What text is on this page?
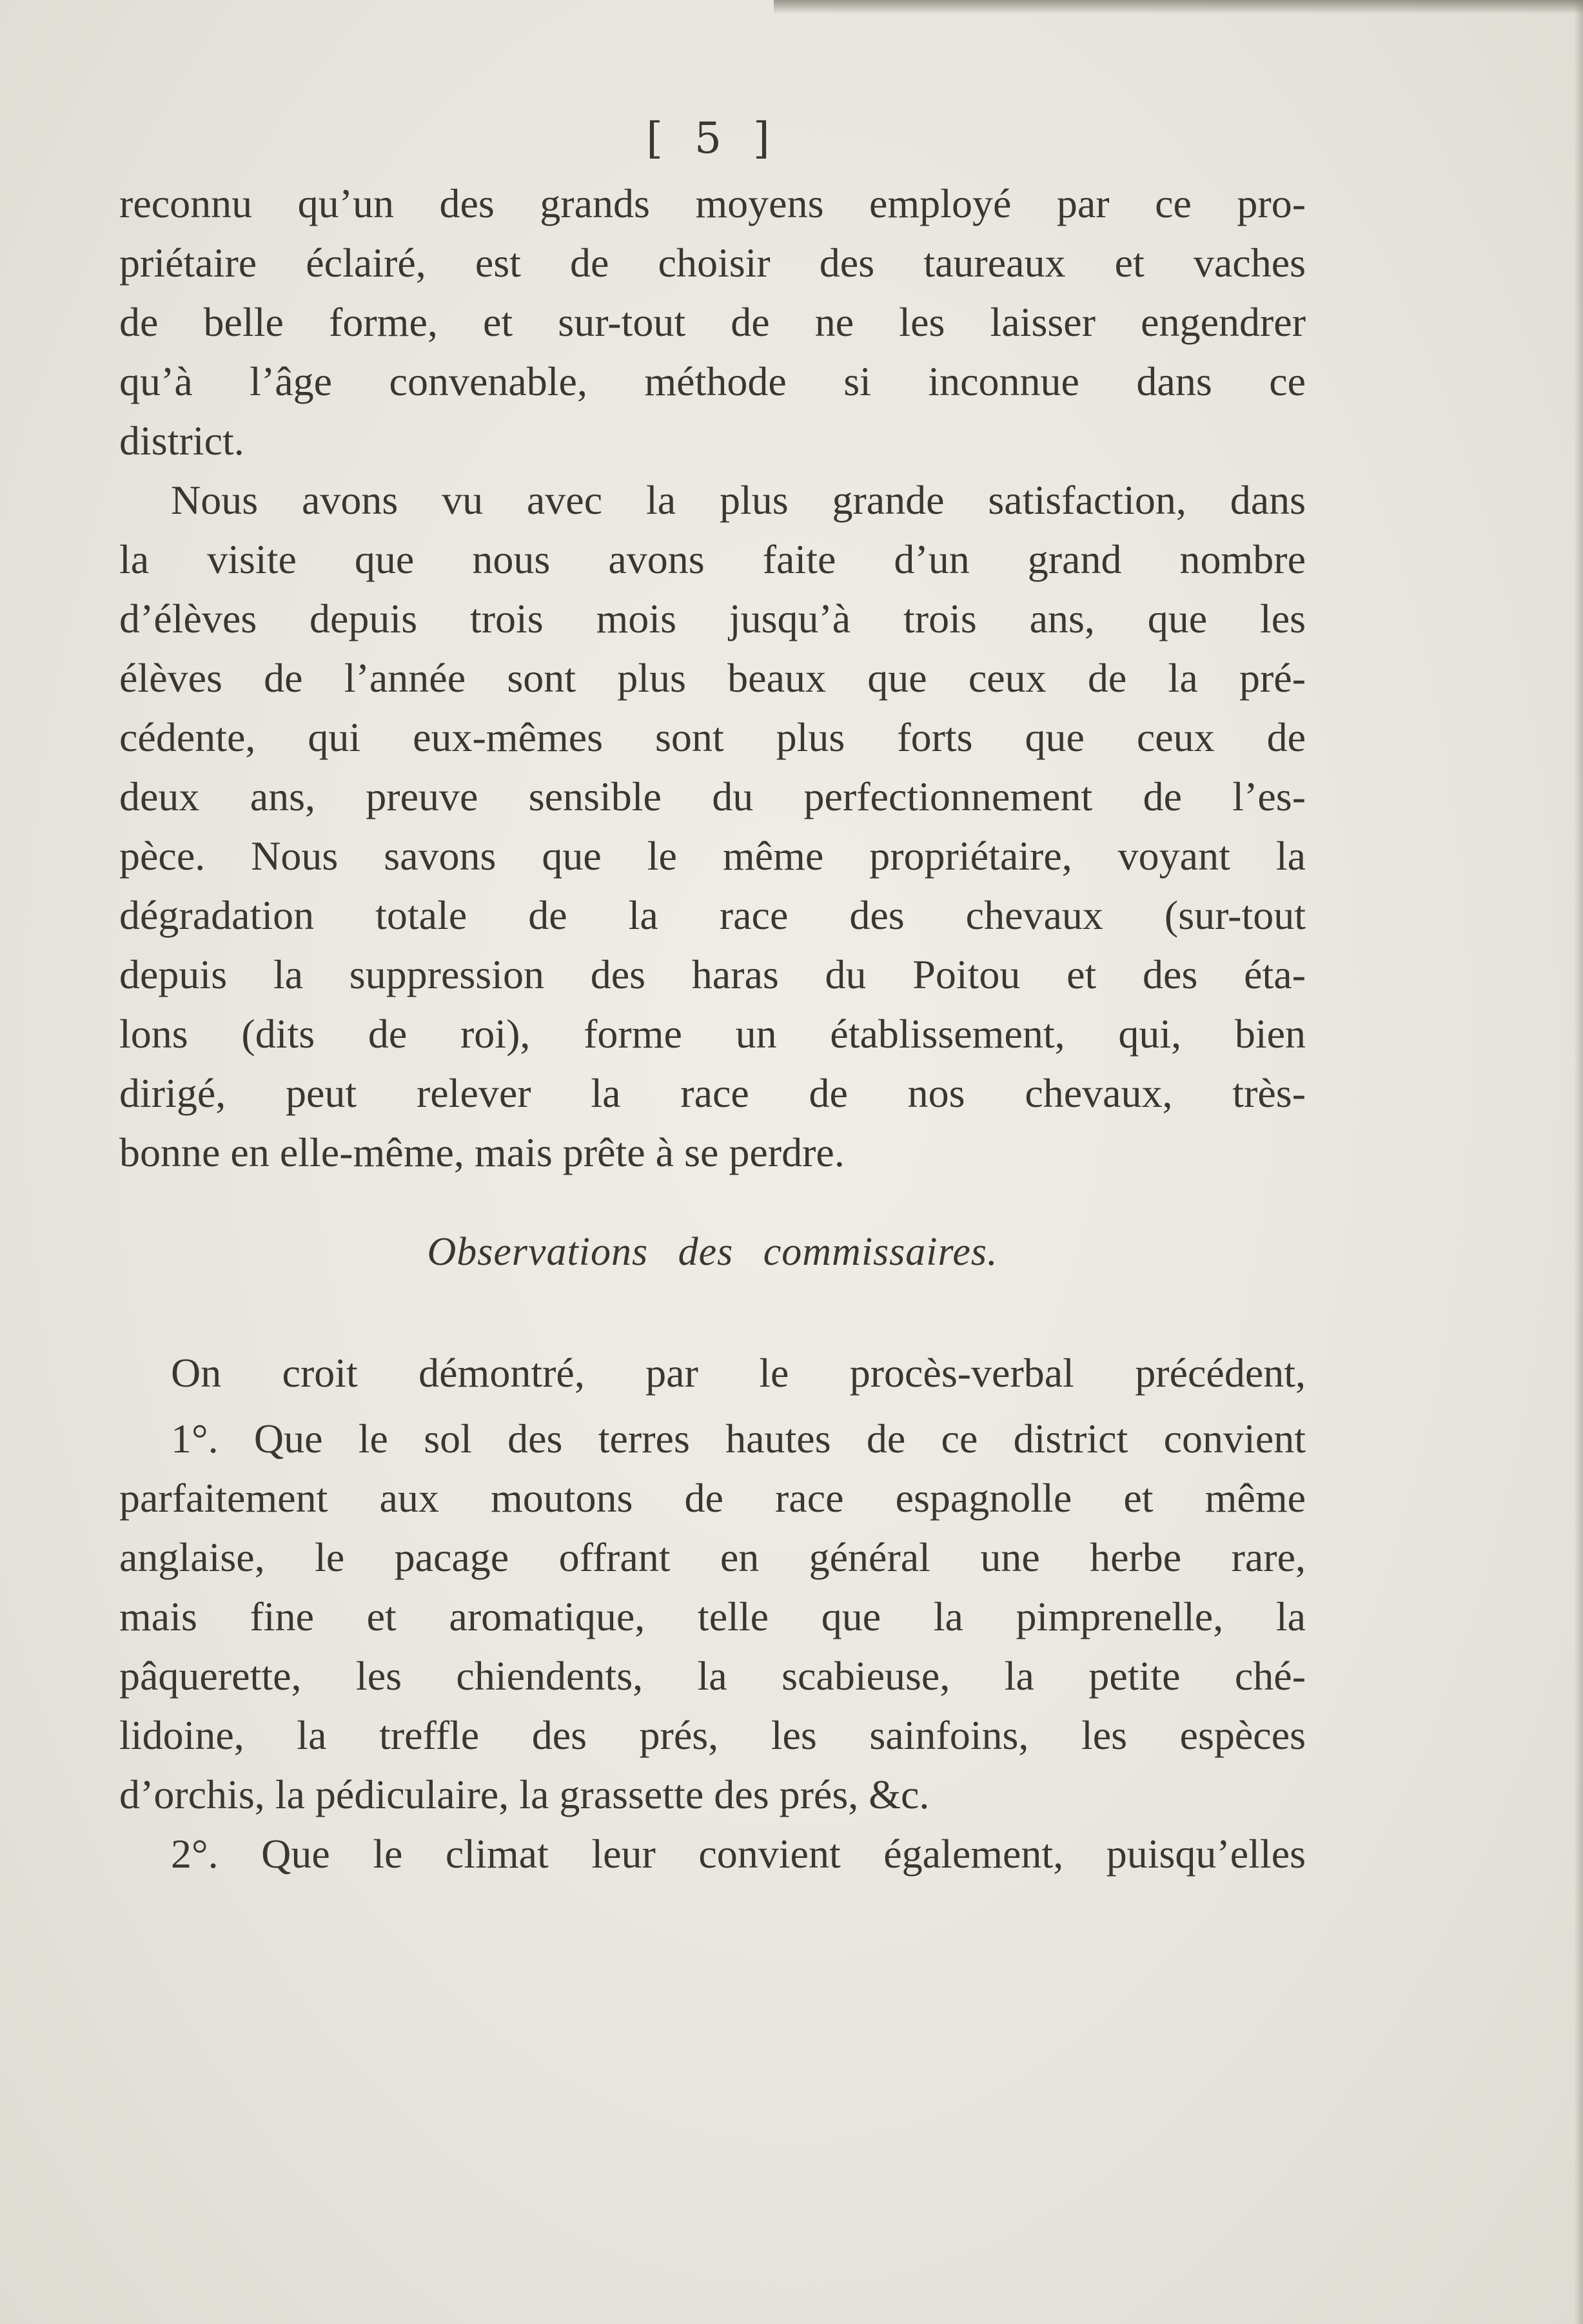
[ 5 ]
reconnu qu’un des grands moyens employé par ce pro-
priétaire éclairé, est de choisir des taureaux et vaches
de belle forme, et sur-tout de ne les laisser engendrer
qu’à l’âge convenable, méthode si inconnue dans ce
district.
Nous avons vu avec la plus grande satisfaction, dans
la visite que nous avons faite d’un grand nombre
d’élèves depuis trois mois jusqu’à trois ans, que les
élèves de l’année sont plus beaux que ceux de la pré-
cédente, qui eux-mêmes sont plus forts que ceux de
deux ans, preuve sensible du perfectionnement de l’es-
pèce. Nous savons que le même propriétaire, voyant la
dégradation totale de la race des chevaux (sur-tout
depuis la suppression des haras du Poitou et des éta-
lons (dits de roi), forme un établissement, qui, bien
dirigé, peut relever la race de nos chevaux, très-
bonne en elle-même, mais prête à se perdre.
Observations des commissaires.
On croit démontré, par le procès-verbal précédent,
1°. Que le sol des terres hautes de ce district convient
parfaitement aux moutons de race espagnolle et même
anglaise, le pacage offrant en général une herbe rare,
mais fine et aromatique, telle que la pimprenelle, la
pâquerette, les chiendents, la scabieuse, la petite ché-
lidoine, la treffle des prés, les sainfoins, les espèces
d’orchis, la pédiculaire, la grassette des prés, &c.
2°. Que le climat leur convient également, puisqu’elles
